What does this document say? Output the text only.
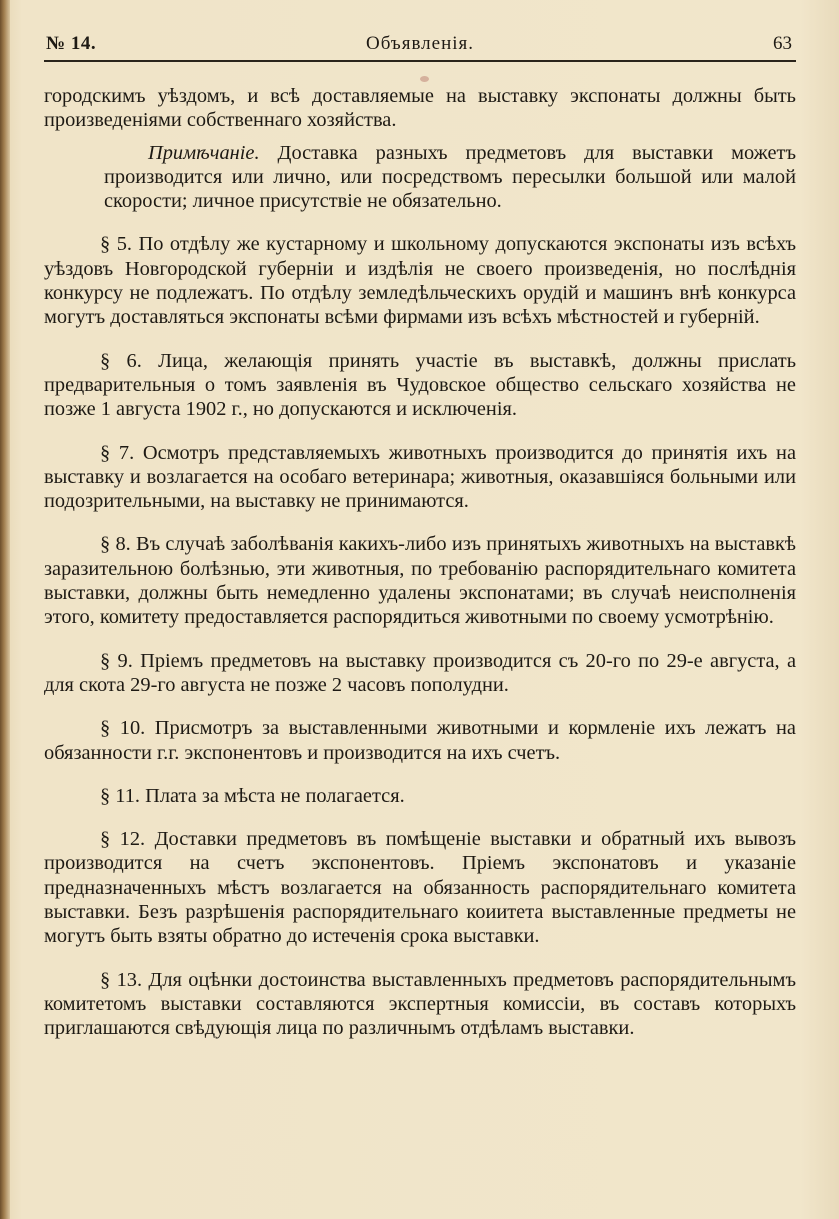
№ 14.	Объявленія.	63

городскимъ уѣздомъ, и всѣ доставляемые на выставку экспонаты должны быть произведеніями собственнаго хозяйства.

Примѣчаніе. Доставка разныхъ предметовъ для выставки можетъ производится или лично, или посредствомъ пересылки большой или малой скорости; личное присутствіе не обязательно.

§ 5. По отдѣлу же кустарному и школьному допускаются экспонаты изъ всѣхъ уѣздовъ Новгородской губерніи и издѣлія не своего произведенія, но послѣднія конкурсу не подлежатъ. По отдѣлу земледѣльческихъ орудій и машинъ внѣ конкурса могутъ доставляться экспонаты всѣми фирмами изъ всѣхъ мѣстностей и губерній.

§ 6. Лица, желающія принять участіе въ выставкѣ, должны прислать предварительныя о томъ заявленія въ Чудовское общество сельскаго хозяйства не позже 1 августа 1902 г., но допускаются и исключенія.

§ 7. Осмотръ представляемыхъ животныхъ производится до принятія ихъ на выставку и возлагается на особаго ветеринара; животныя, оказавшіяся больными или подозрительными, на выставку не принимаются.

§ 8. Въ случаѣ заболѣванія какихъ-либо изъ принятыхъ животныхъ на выставкѣ заразительною болѣзнью, эти животныя, по требованію распорядительнаго комитета выставки, должны быть немедленно удалены экспонатами; въ случаѣ неисполненія этого, комитету предоставляется распорядиться животными по своему усмотрѣнію.

§ 9. Пріемъ предметовъ на выставку производится съ 20-го по 29-е августа, а для скота 29-го августа не позже 2 часовъ пополудни.

§ 10. Присмотръ за выставленными животными и кормленіе ихъ лежатъ на обязанности г.г. экспонентовъ и производится на ихъ счетъ.

§ 11. Плата за мѣста не полагается.

§ 12. Доставки предметовъ въ помѣщеніе выставки и обратный ихъ вывозъ производится на счетъ экспонентовъ. Пріемъ экспонатовъ и указаніе предназначенныхъ мѣстъ возлагается на обязанность распорядительнаго комитета выставки. Безъ разрѣшенія распорядительнаго коиитета выставленные предметы не могутъ быть взяты обратно до истеченія срока выставки.

§ 13. Для оцѣнки достоинства выставленныхъ предметовъ распорядительнымъ комитетомъ выставки составляются экспертныя комиссіи, въ составъ которыхъ приглашаются свѣдующія лица по различнымъ отдѣламъ выставки.
